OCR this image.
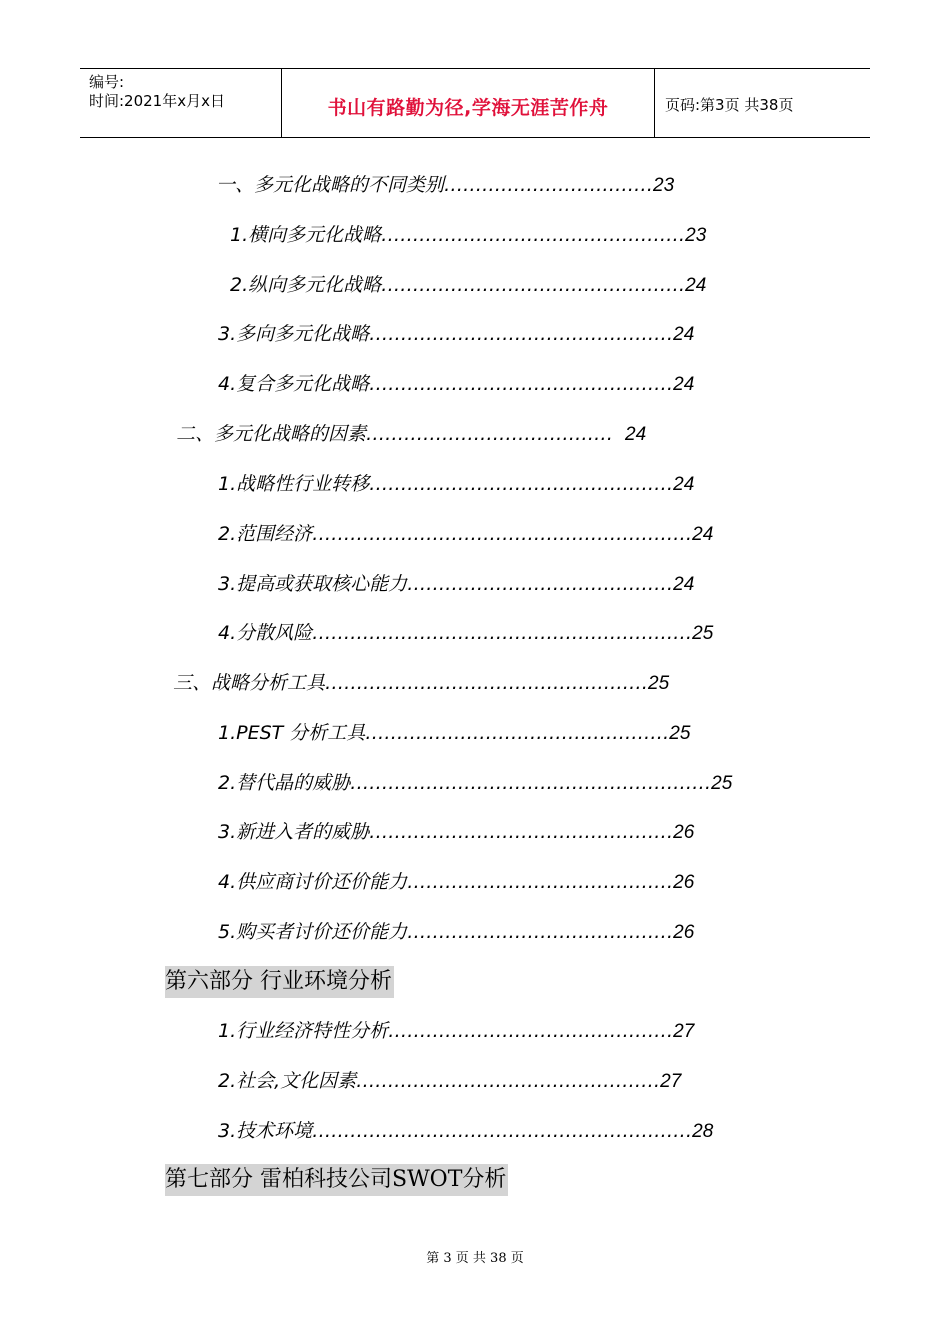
编号:
时间:2021年x月x日	书山有路勤为径,学海无涯苦作舟	页码:第3页 共38页
一、多元化战略的不同类别……………………………23
1.横向多元化战略…………………………………………23
2.纵向多元化战略…………………………………………24
3.多向多元化战略…………………………………………24
4.复合多元化战略…………………………………………24
二、多元化战略的因素………………………………… 24
1.战略性行业转移…………………………………………24
2.范围经济……………………………………………………24
3.提高或获取核心能力……………………………………24
4.分散风险……………………………………………………25
三、战略分析工具……………………………………………25
1.PEST 分析工具…………………………………………25
2.替代晶的威胁…………………………………………………25
3.新进入者的威胁…………………………………………26
4.供应商讨价还价能力……………………………………26
5.购买者讨价还价能力……………………………………26
第六部分 行业环境分析
1.行业经济特性分析………………………………………27
2.社会,文化因素…………………………………………27
3.技术环境……………………………………………………28
第七部分 雷柏科技公司SWOT分析
第 3 页 共 38 页
